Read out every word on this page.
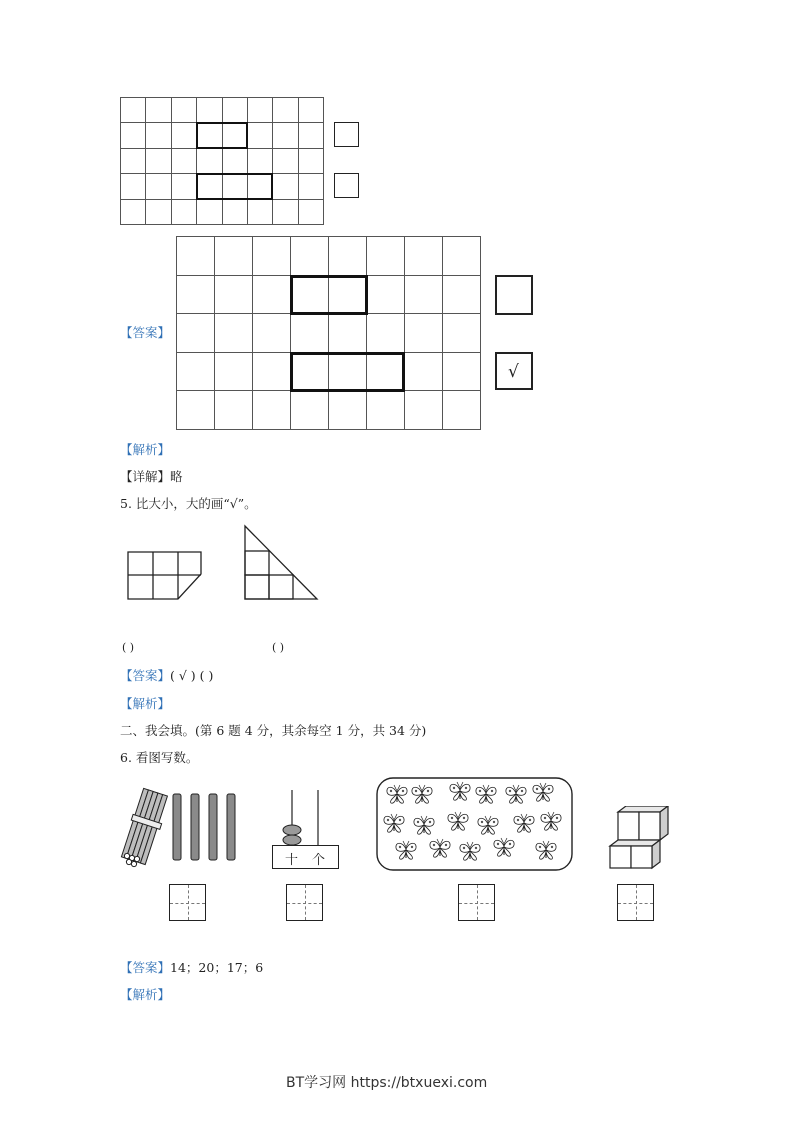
【答案】

√
【解析】
【详解】略
5. 比大小，大的画“√”。
( )	( )
【答案】( √ ) ( )
【解析】
二、我会填。(第 6 题 4 分，其余每空 1 分，共 34 分)
6. 看图写数。
十 个
【答案】14；20；17；6
【解析】
BT学习网 https://btxuexi.com
